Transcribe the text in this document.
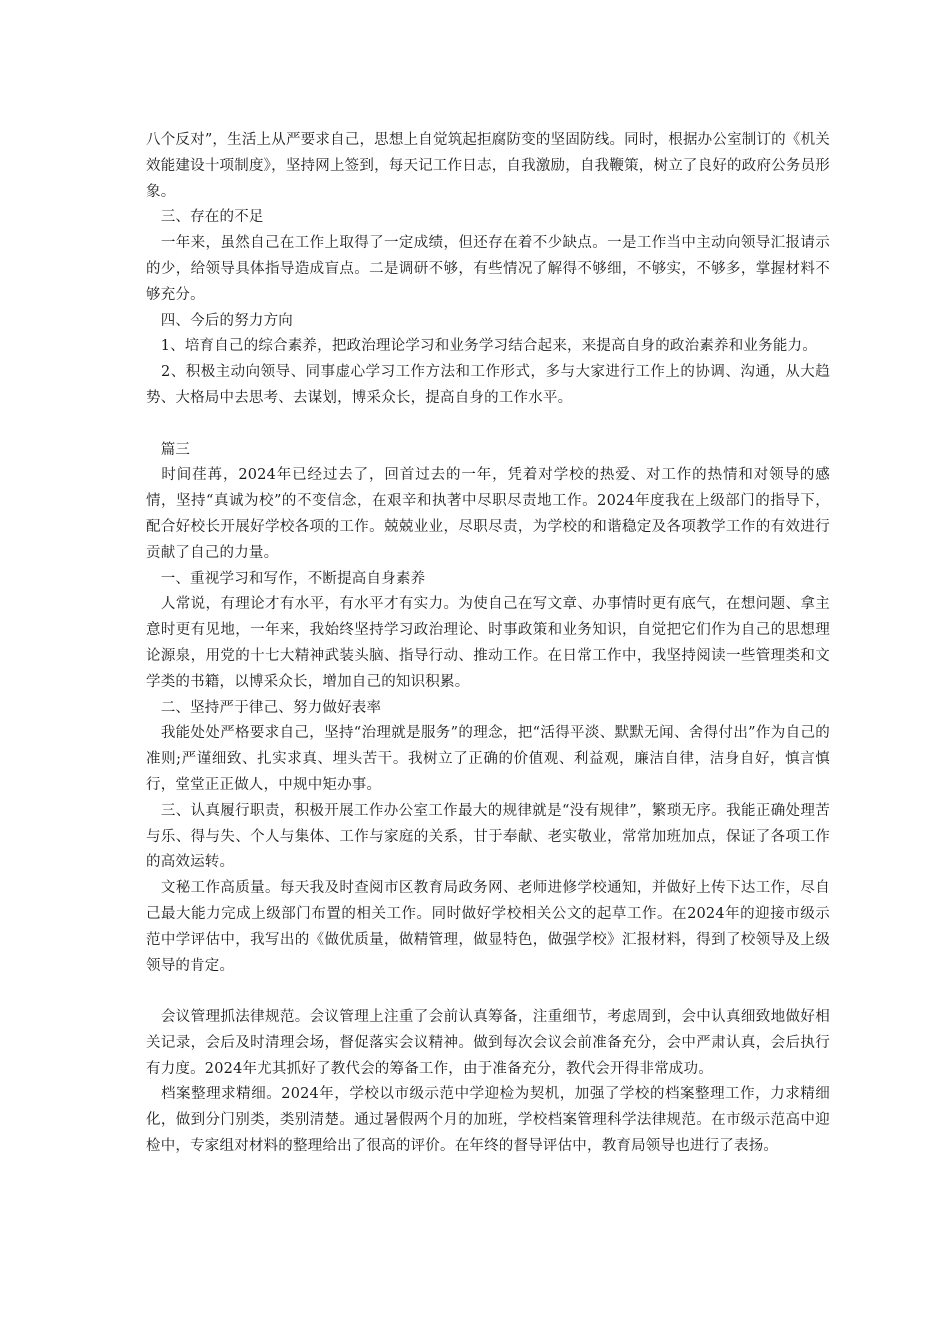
八个反对”，生活上从严要求自己，思想上自觉筑起拒腐防变的坚固防线。同时，根据办公室制订的《机关效能建设十项制度》，坚持网上签到，每天记工作日志，自我激励，自我鞭策，树立了良好的政府公务员形象。

　三、存在的不足

　一年来，虽然自己在工作上取得了一定成绩，但还存在着不少缺点。一是工作当中主动向领导汇报请示的少，给领导具体指导造成盲点。二是调研不够，有些情况了解得不够细，不够实，不够多，掌握材料不够充分。

　四、今后的努力方向

　1、培育自己的综合素养，把政治理论学习和业务学习结合起来，来提高自身的政治素养和业务能力。

　2、积极主动向领导、同事虚心学习工作方法和工作形式，多与大家进行工作上的协调、沟通，从大趋势、大格局中去思考、去谋划，博采众长，提高自身的工作水平。

　篇三

　时间荏苒，2024年已经过去了，回首过去的一年，凭着对学校的热爱、对工作的热情和对领导的感情，坚持“真诚为校”的不变信念，在艰辛和执著中尽职尽责地工作。2024年度我在上级部门的指导下，配合好校长开展好学校各项的工作。兢兢业业，尽职尽责，为学校的和谐稳定及各项教学工作的有效进行贡献了自己的力量。

　一、重视学习和写作，不断提高自身素养

　人常说，有理论才有水平，有水平才有实力。为使自己在写文章、办事情时更有底气，在想问题、拿主意时更有见地，一年来，我始终坚持学习政治理论、时事政策和业务知识，自觉把它们作为自己的思想理论源泉，用党的十七大精神武装头脑、指导行动、推动工作。在日常工作中，我坚持阅读一些管理类和文学类的书籍，以博采众长，增加自己的知识积累。

　二、坚持严于律己、努力做好表率

　我能处处严格要求自己，坚持“治理就是服务”的理念，把“活得平淡、默默无闻、舍得付出”作为自己的准则;严谨细致、扎实求真、埋头苦干。我树立了正确的价值观、利益观，廉洁自律，洁身自好，慎言慎行，堂堂正正做人，中规中矩办事。

　三、认真履行职责，积极开展工作办公室工作最大的规律就是“没有规律”，繁琐无序。我能正确处理苦与乐、得与失、个人与集体、工作与家庭的关系，甘于奉献、老实敬业，常常加班加点，保证了各项工作的高效运转。

　文秘工作高质量。每天我及时查阅市区教育局政务网、老师进修学校通知，并做好上传下达工作，尽自己最大能力完成上级部门布置的相关工作。同时做好学校相关公文的起草工作。在2024年的迎接市级示范中学评估中，我写出的《做优质量，做精管理，做显特色，做强学校》汇报材料，得到了校领导及上级领导的肯定。

　会议管理抓法律规范。会议管理上注重了会前认真筹备，注重细节，考虑周到，会中认真细致地做好相关记录，会后及时清理会场，督促落实会议精神。做到每次会议会前准备充分，会中严肃认真，会后执行有力度。2024年尤其抓好了教代会的筹备工作，由于准备充分，教代会开得非常成功。

　档案整理求精细。2024年，学校以市级示范中学迎检为契机，加强了学校的档案整理工作，力求精细化，做到分门别类，类别清楚。通过暑假两个月的加班，学校档案管理科学法律规范。在市级示范高中迎检中，专家组对材料的整理给出了很高的评价。在年终的督导评估中，教育局领导也进行了表扬。
